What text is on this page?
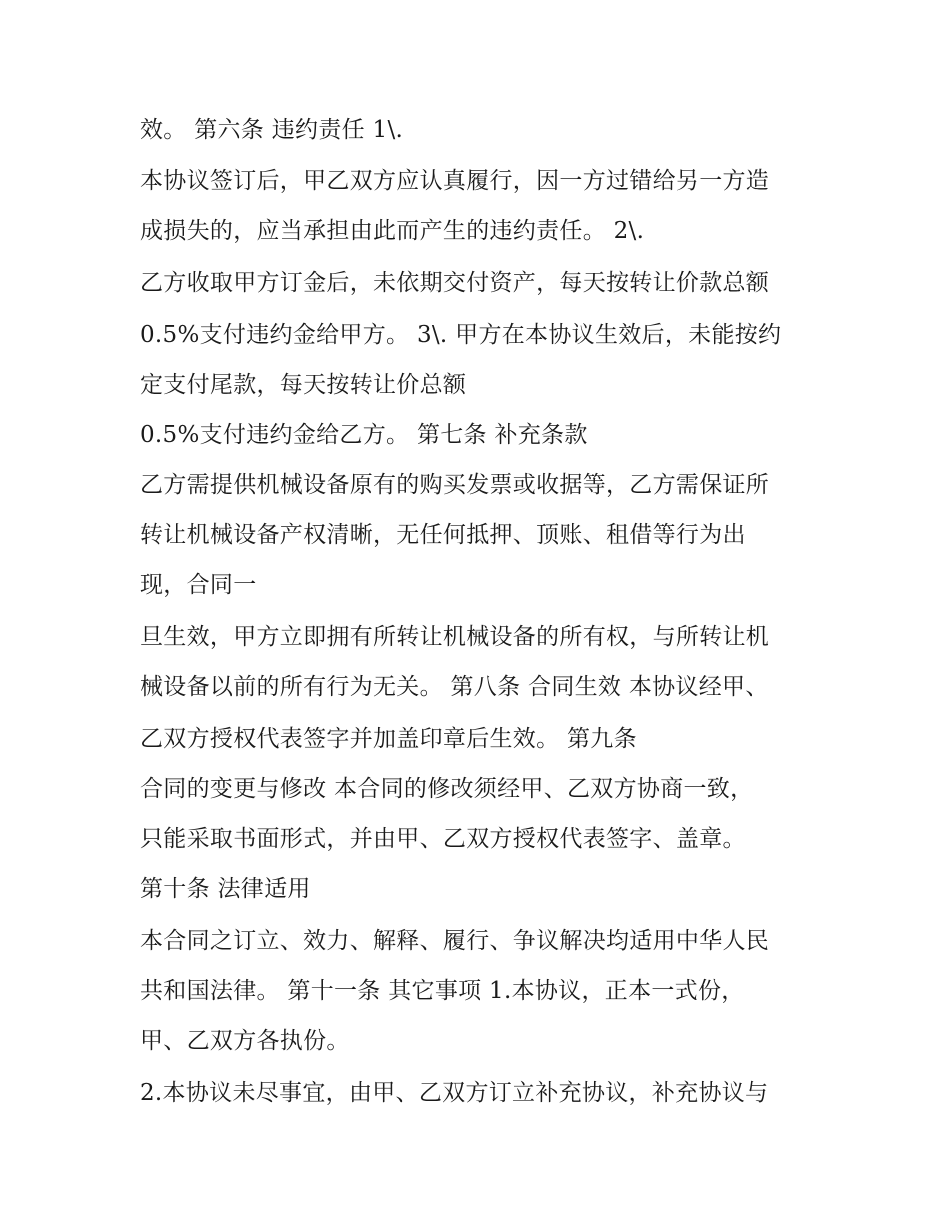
效。 第六条 违约责任 1\.
本协议签订后，甲乙双方应认真履行，因一方过错给另一方造
成损失的，应当承担由此而产生的违约责任。 2\.
乙方收取甲方订金后，未依期交付资产，每天按转让价款总额
0.5%支付违约金给甲方。 3\. 甲方在本协议生效后，未能按约
定支付尾款，每天按转让价总额
0.5%支付违约金给乙方。 第七条 补充条款
乙方需提供机械设备原有的购买发票或收据等，乙方需保证所
转让机械设备产权清晰，无任何抵押、顶账、租借等行为出
现，合同一
旦生效，甲方立即拥有所转让机械设备的所有权，与所转让机
械设备以前的所有行为无关。 第八条 合同生效 本协议经甲、
乙双方授权代表签字并加盖印章后生效。 第九条
合同的变更与修改 本合同的修改须经甲、乙双方协商一致，
只能采取书面形式，并由甲、乙双方授权代表签字、盖章。
第十条 法律适用
本合同之订立、效力、解释、履行、争议解决均适用中华人民
共和国法律。 第十一条 其它事项 1.本协议，正本一式份，
甲、乙双方各执份。
2.本协议未尽事宜，由甲、乙双方订立补充协议，补充协议与
